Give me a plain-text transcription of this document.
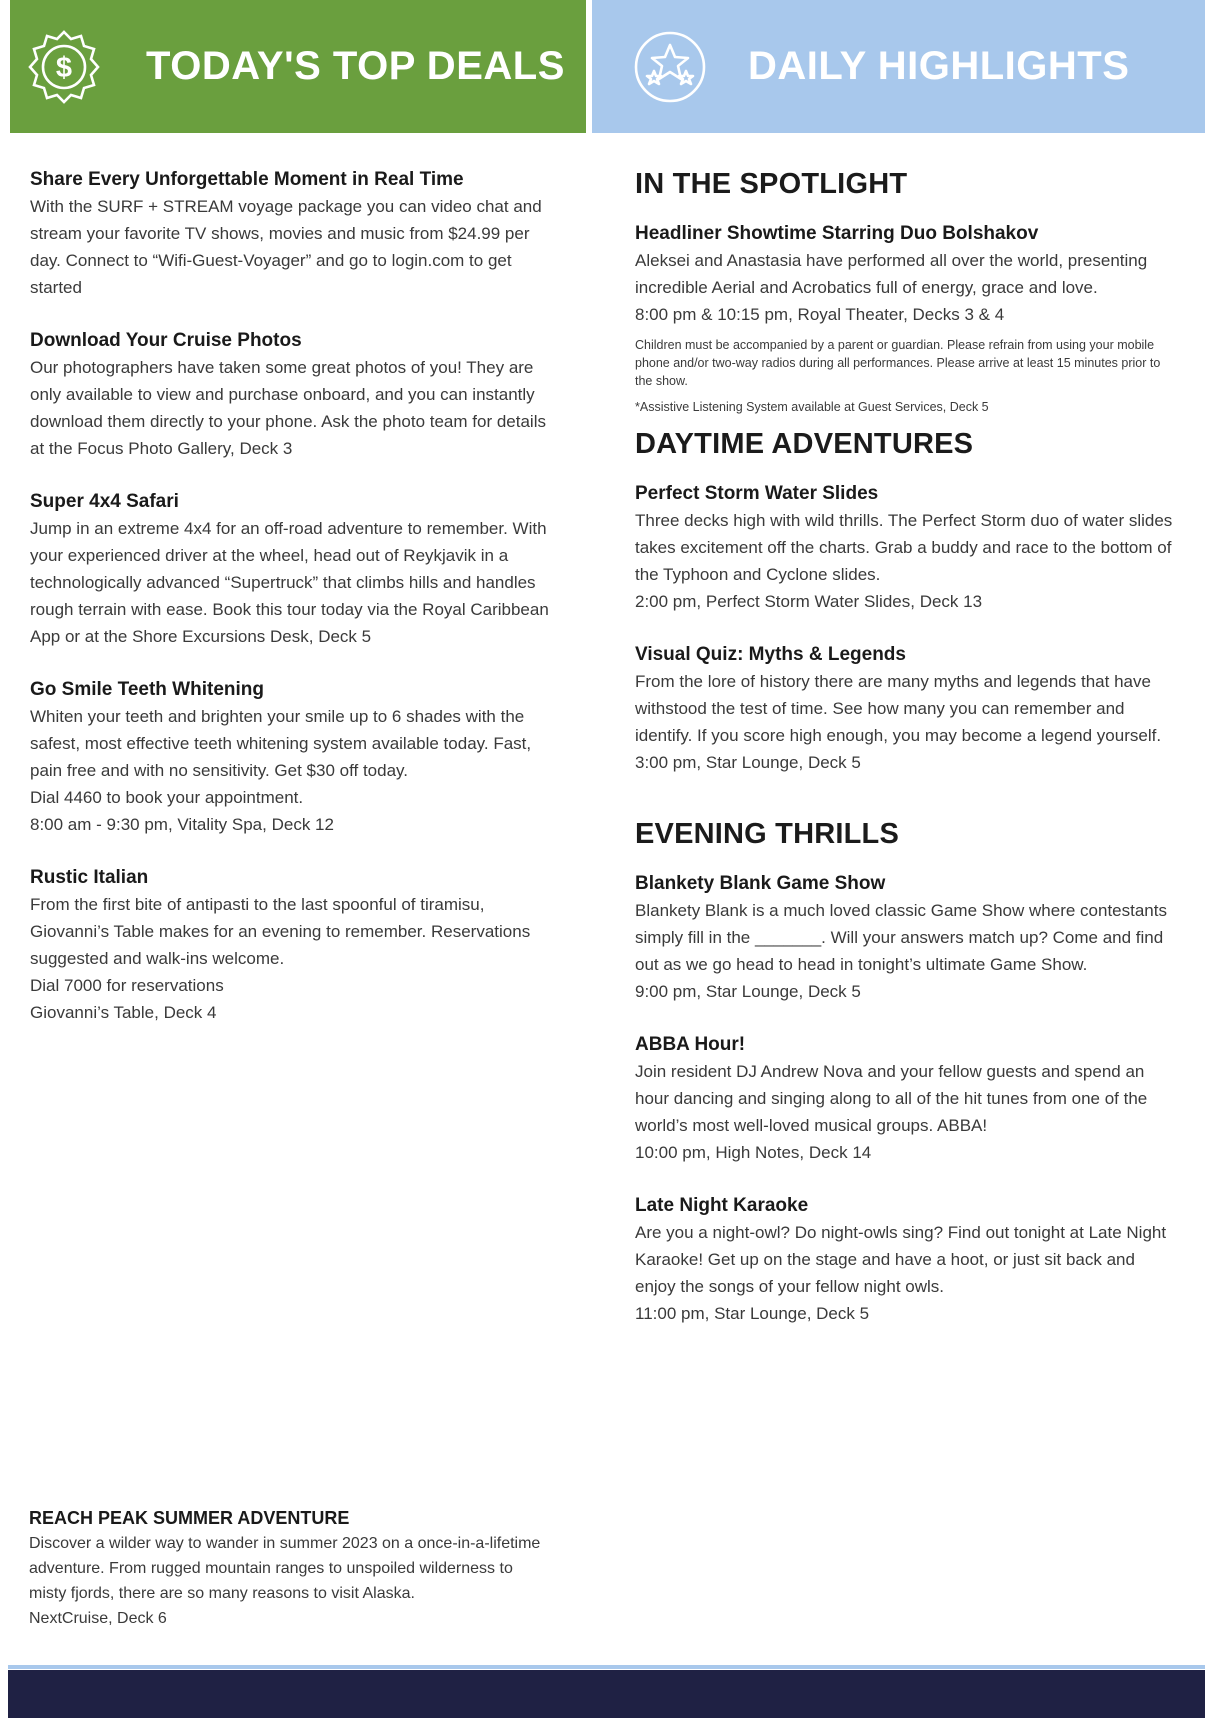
$ TODAY'S TOP DEALS	DAILY HIGHLIGHTS
Share Every Unforgettable Moment in Real Time
With the SURF + STREAM voyage package you can video chat and stream your favorite TV shows, movies and music from $24.99 per day. Connect to “Wifi-Guest-Voyager” and go to login.com to get started
Download Your Cruise Photos
Our photographers have taken some great photos of you! They are only available to view and purchase onboard, and you can instantly download them directly to your phone. Ask the photo team for details at the Focus Photo Gallery, Deck 3
Super 4x4 Safari
Jump in an extreme 4x4 for an off-road adventure to remember. With your experienced driver at the wheel, head out of Reykjavik in a technologically advanced “Supertruck” that climbs hills and handles rough terrain with ease. Book this tour today via the Royal Caribbean App or at the Shore Excursions Desk, Deck 5
Go Smile Teeth Whitening
Whiten your teeth and brighten your smile up to 6 shades with the safest, most effective teeth whitening system available today. Fast, pain free and with no sensitivity. Get $30 off today.
Dial 4460 to book your appointment.
8:00 am - 9:30 pm, Vitality Spa, Deck 12
Rustic Italian
From the first bite of antipasti to the last spoonful of tiramisu, Giovanni’s Table makes for an evening to remember. Reservations suggested and walk-ins welcome.
Dial 7000 for reservations
Giovanni’s Table, Deck 4
IN THE SPOTLIGHT
Headliner Showtime Starring Duo Bolshakov
Aleksei and Anastasia have performed all over the world, presenting incredible Aerial and Acrobatics full of energy, grace and love.
8:00 pm & 10:15 pm, Royal Theater, Decks 3 & 4
Children must be accompanied by a parent or guardian. Please refrain from using your mobile phone and/or two-way radios during all performances. Please arrive at least 15 minutes prior to the show.
*Assistive Listening System available at Guest Services, Deck 5
DAYTIME ADVENTURES
Perfect Storm Water Slides
Three decks high with wild thrills. The Perfect Storm duo of water slides takes excitement off the charts. Grab a buddy and race to the bottom of the Typhoon and Cyclone slides.
2:00 pm, Perfect Storm Water Slides, Deck 13
Visual Quiz: Myths & Legends
From the lore of history there are many myths and legends that have withstood the test of time. See how many you can remember and identify. If you score high enough, you may become a legend yourself.
3:00 pm, Star Lounge, Deck 5
EVENING THRILLS
Blankety Blank Game Show
Blankety Blank is a much loved classic Game Show where contestants simply fill in the _______. Will your answers match up? Come and find out as we go head to head in tonight’s ultimate Game Show.
9:00 pm, Star Lounge, Deck 5
ABBA Hour!
Join resident DJ Andrew Nova and your fellow guests and spend an hour dancing and singing along to all of the hit tunes from one of the world’s most well-loved musical groups. ABBA!
10:00 pm, High Notes, Deck 14
Late Night Karaoke
Are you a night-owl? Do night-owls sing? Find out tonight at Late Night Karaoke! Get up on the stage and have a hoot, or just sit back and enjoy the songs of your fellow night owls.
11:00 pm, Star Lounge, Deck 5
REACH PEAK SUMMER ADVENTURE
Discover a wilder way to wander in summer 2023 on a once-in-a-lifetime adventure. From rugged mountain ranges to unspoiled wilderness to misty fjords, there are so many reasons to visit Alaska.
NextCruise, Deck 6
